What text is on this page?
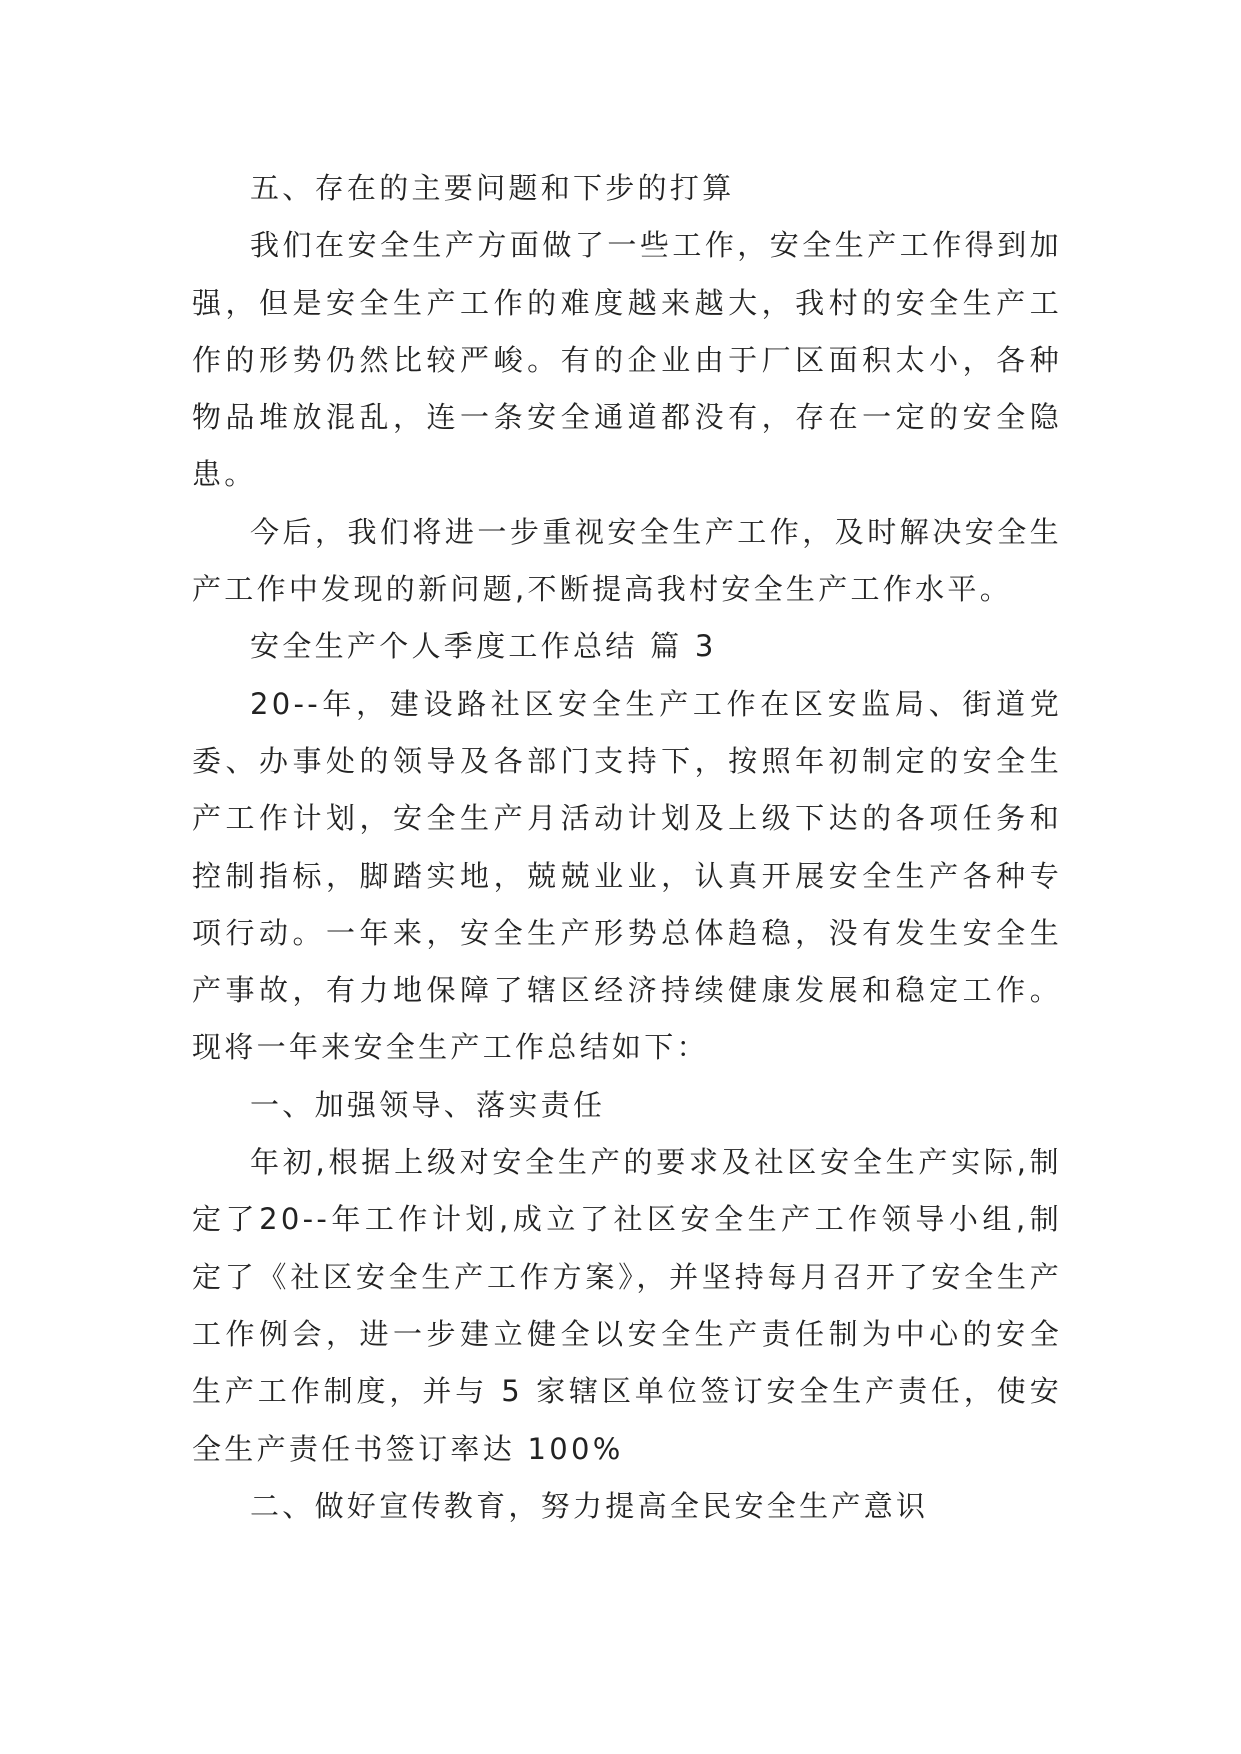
五、存在的主要问题和下步的打算

我们在安全生产方面做了一些工作，安全生产工作得到加强，但是安全生产工作的难度越来越大，我村的安全生产工作的形势仍然比较严峻。有的企业由于厂区面积太小，各种物品堆放混乱，连一条安全通道都没有，存在一定的安全隐患。

今后，我们将进一步重视安全生产工作，及时解决安全生产工作中发现的新问题,不断提高我村安全生产工作水平。

安全生产个人季度工作总结 篇 3

20--年，建设路社区安全生产工作在区安监局、街道党委、办事处的领导及各部门支持下，按照年初制定的安全生产工作计划，安全生产月活动计划及上级下达的各项任务和控制指标，脚踏实地，兢兢业业，认真开展安全生产各种专项行动。一年来，安全生产形势总体趋稳，没有发生安全生产事故，有力地保障了辖区经济持续健康发展和稳定工作。现将一年来安全生产工作总结如下：

一、加强领导、落实责任

年初,根据上级对安全生产的要求及社区安全生产实际,制定了20--年工作计划,成立了社区安全生产工作领导小组,制定了《社区安全生产工作方案》，并坚持每月召开了安全生产工作例会，进一步建立健全以安全生产责任制为中心的安全生产工作制度，并与 5 家辖区单位签订安全生产责任，使安全生产责任书签订率达 100%

二、做好宣传教育，努力提高全民安全生产意识
